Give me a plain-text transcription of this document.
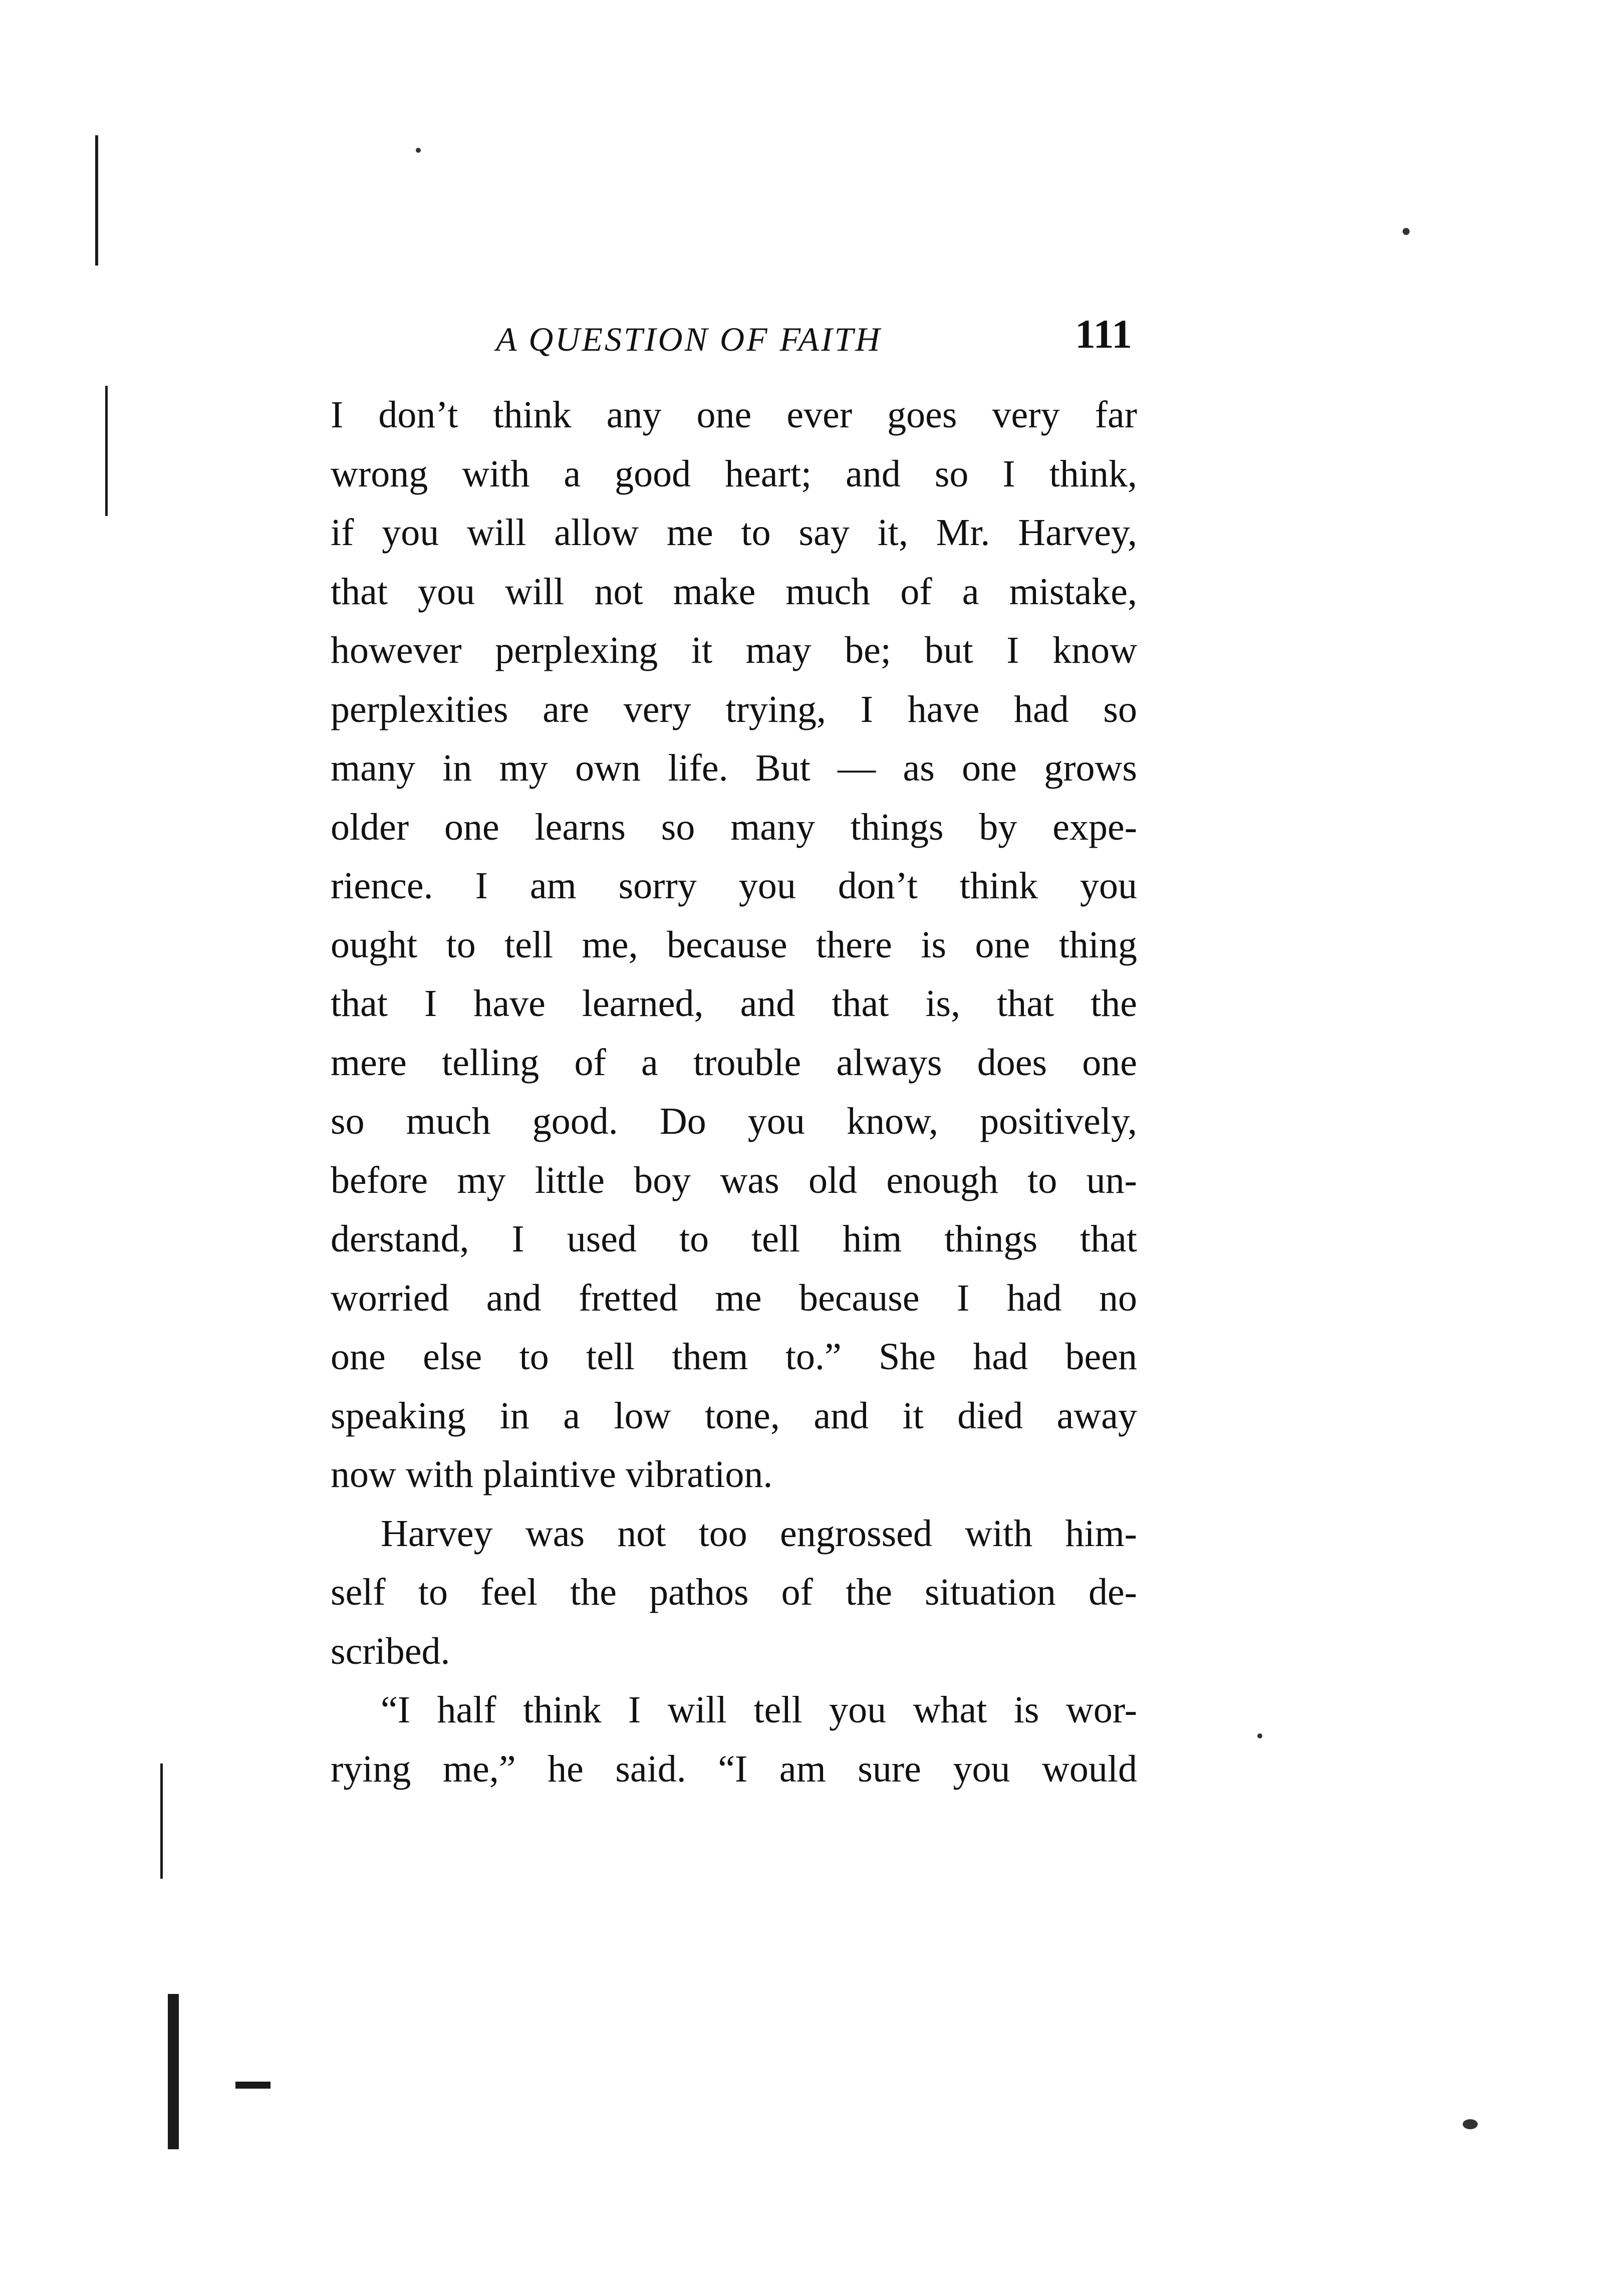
A QUESTION OF FAITH	111
I don’t think any one ever goes very far
wrong with a good heart; and so I think,
if you will allow me to say it, Mr. Harvey,
that you will not make much of a mistake,
however perplexing it may be; but I know
perplexities are very trying, I have had so
many in my own life. But — as one grows
older one learns so many things by expe-
rience. I am sorry you don’t think you
ought to tell me, because there is one thing
that I have learned, and that is, that the
mere telling of a trouble always does one
so much good. Do you know, positively,
before my little boy was old enough to un-
derstand, I used to tell him things that
worried and fretted me because I had no
one else to tell them to.” She had been
speaking in a low tone, and it died away
now with plaintive vibration.
Harvey was not too engrossed with him-
self to feel the pathos of the situation de-
scribed.
“I half think I will tell you what is wor-
rying me,” he said. “I am sure you would
